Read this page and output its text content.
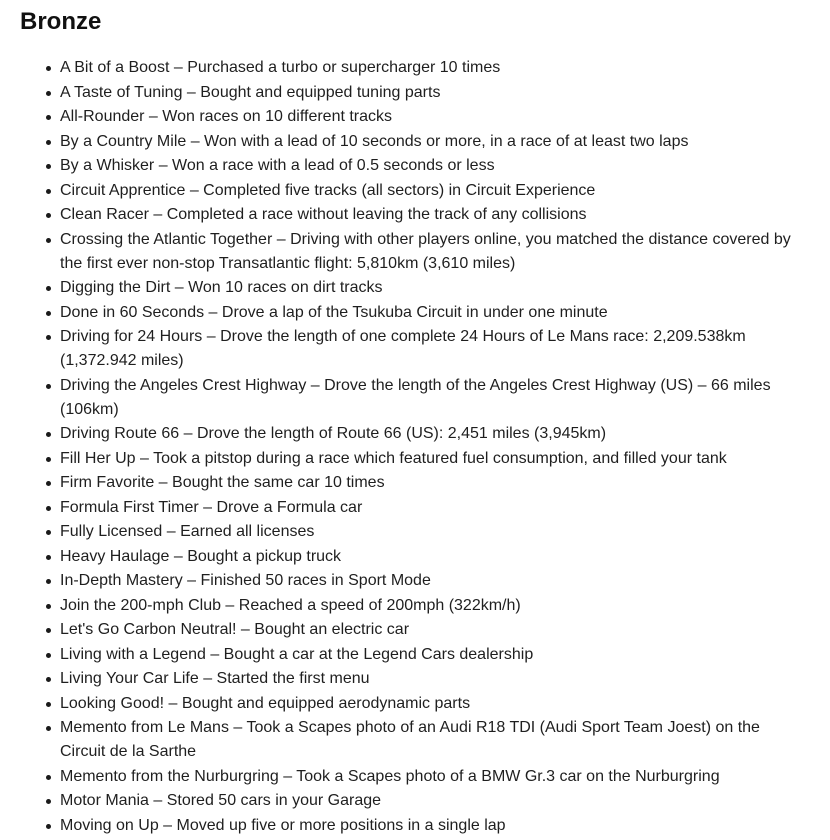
Bronze
A Bit of a Boost – Purchased a turbo or supercharger 10 times
A Taste of Tuning – Bought and equipped tuning parts
All-Rounder – Won races on 10 different tracks
By a Country Mile – Won with a lead of 10 seconds or more, in a race of at least two laps
By a Whisker – Won a race with a lead of 0.5 seconds or less
Circuit Apprentice – Completed five tracks (all sectors) in Circuit Experience
Clean Racer – Completed a race without leaving the track of any collisions
Crossing the Atlantic Together – Driving with other players online, you matched the distance covered by the first ever non-stop Transatlantic flight: 5,810km (3,610 miles)
Digging the Dirt – Won 10 races on dirt tracks
Done in 60 Seconds – Drove a lap of the Tsukuba Circuit in under one minute
Driving for 24 Hours – Drove the length of one complete 24 Hours of Le Mans race: 2,209.538km (1,372.942 miles)
Driving the Angeles Crest Highway – Drove the length of the Angeles Crest Highway (US) – 66 miles (106km)
Driving Route 66 – Drove the length of Route 66 (US): 2,451 miles (3,945km)
Fill Her Up – Took a pitstop during a race which featured fuel consumption, and filled your tank
Firm Favorite – Bought the same car 10 times
Formula First Timer – Drove a Formula car
Fully Licensed – Earned all licenses
Heavy Haulage – Bought a pickup truck
In-Depth Mastery – Finished 50 races in Sport Mode
Join the 200-mph Club – Reached a speed of 200mph (322km/h)
Let's Go Carbon Neutral! – Bought an electric car
Living with a Legend – Bought a car at the Legend Cars dealership
Living Your Car Life – Started the first menu
Looking Good! – Bought and equipped aerodynamic parts
Memento from Le Mans – Took a Scapes photo of an Audi R18 TDI (Audi Sport Team Joest) on the Circuit de la Sarthe
Memento from the Nurburgring – Took a Scapes photo of a BMW Gr.3 car on the Nurburgring
Motor Mania – Stored 50 cars in your Garage
Moving on Up – Moved up five or more positions in a single lap
